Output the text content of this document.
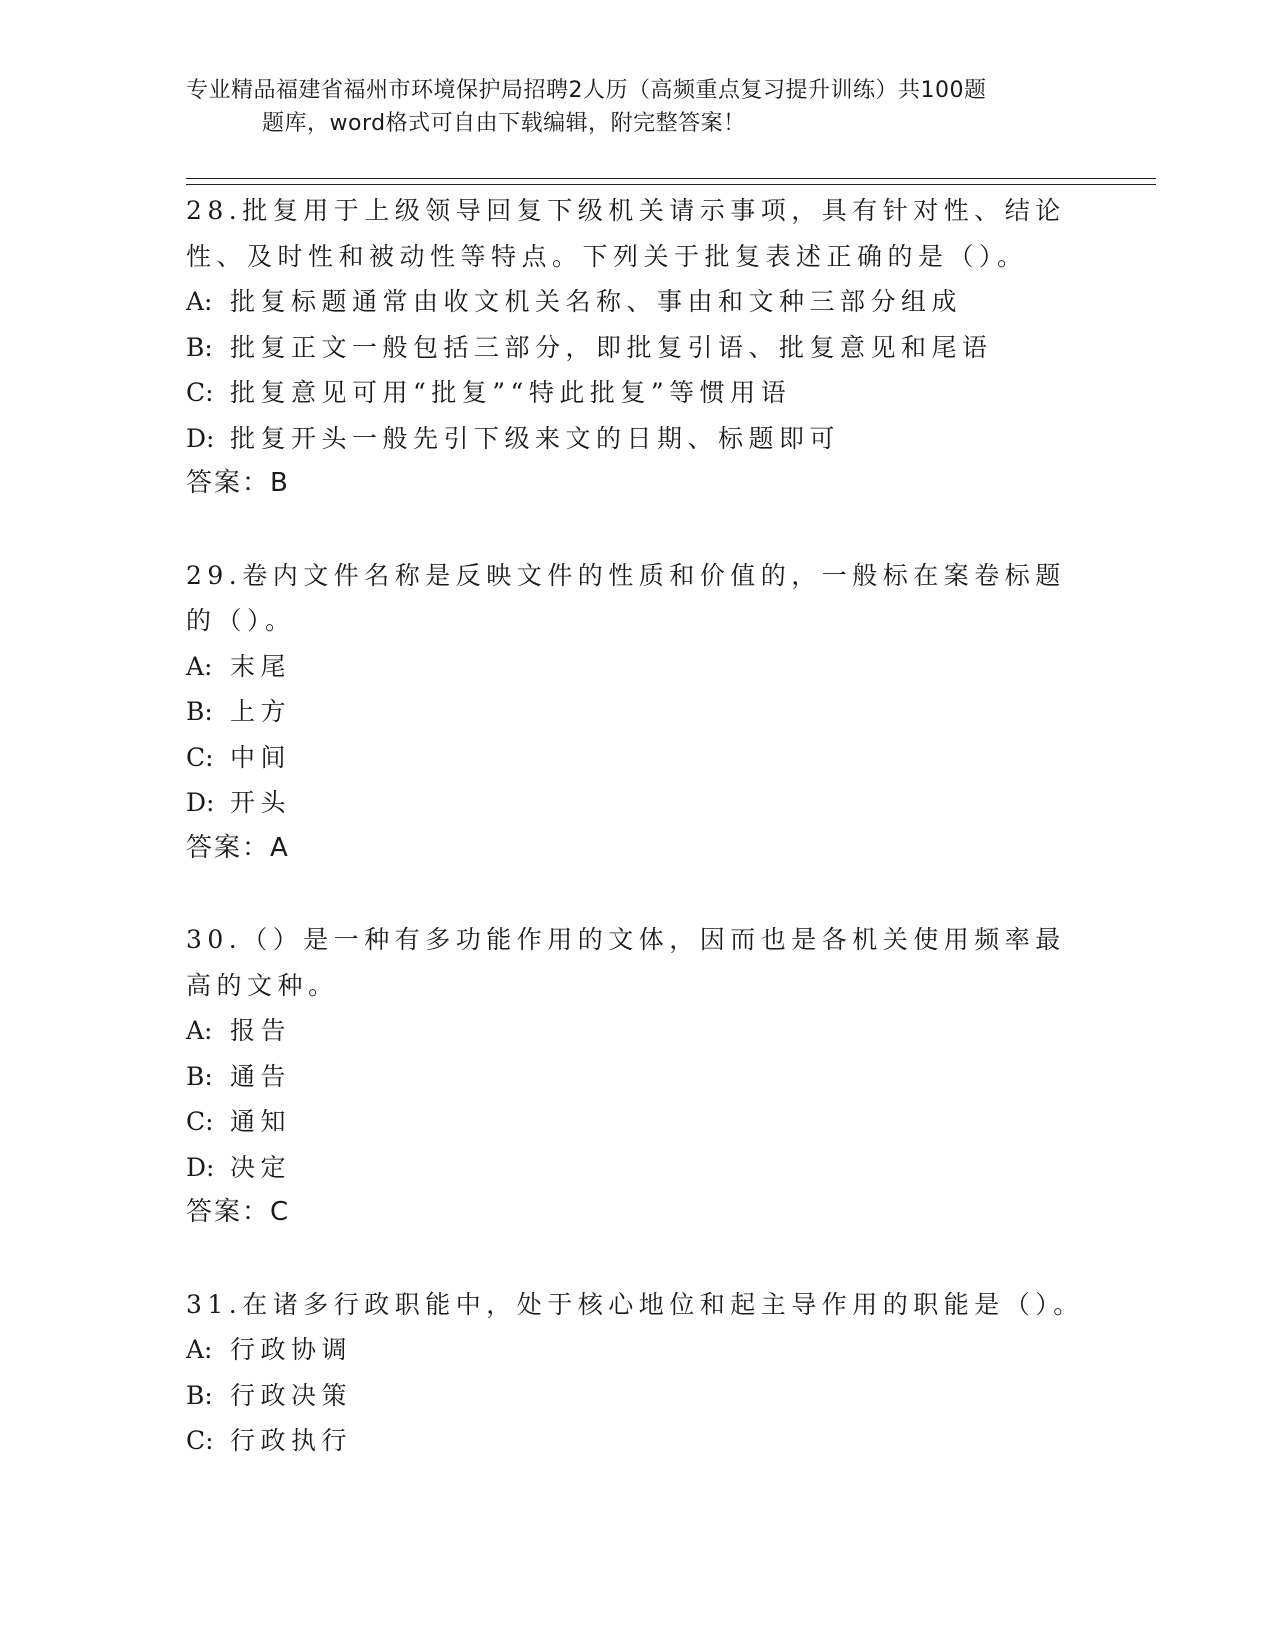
专业精品福建省福州市环境保护局招聘2人历（高频重点复习提升训练）共100题
题库，word格式可自由下载编辑，附完整答案！
28.批复用于上级领导回复下级机关请示事项，具有针对性、结论性、及时性和被动性等特点。下列关于批复表述正确的是（）。
A: 批复标题通常由收文机关名称、事由和文种三部分组成
B: 批复正文一般包括三部分，即批复引语、批复意见和尾语
C: 批复意见可用“批复”“特此批复”等惯用语
D: 批复开头一般先引下级来文的日期、标题即可
答案：B
29.卷内文件名称是反映文件的性质和价值的，一般标在案卷标题的（）。
A: 末尾
B: 上方
C: 中间
D: 开头
答案：A
30.（）是一种有多功能作用的文体，因而也是各机关使用频率最高的文种。
A: 报告
B: 通告
C: 通知
D: 决定
答案：C
31.在诸多行政职能中，处于核心地位和起主导作用的职能是（）。
A: 行政协调
B: 行政决策
C: 行政执行
